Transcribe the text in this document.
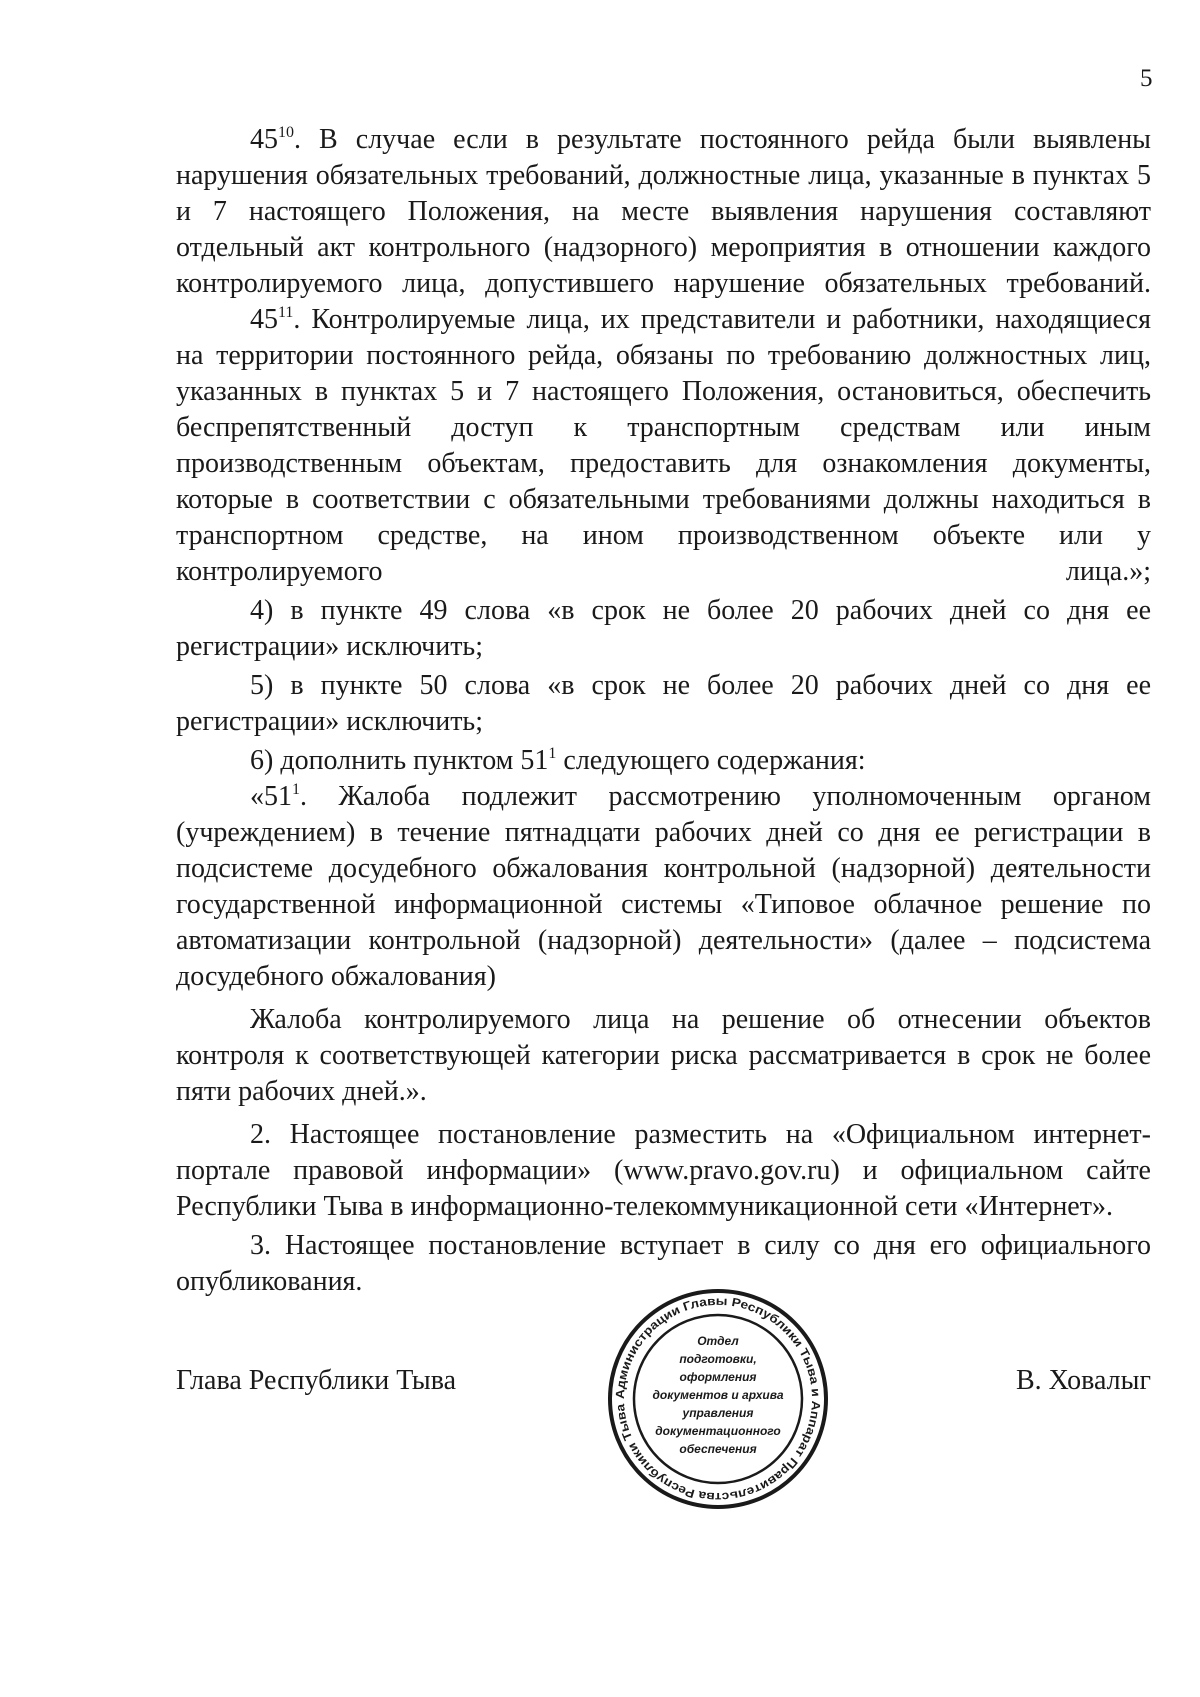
5

$45^{10}$. В случае если в результате постоянного рейда были выявлены нарушения обязательных требований, должностные лица, указанные в пунктах 5 и 7 настоящего Положения, на месте выявления нарушения составляют отдельный акт контрольного (надзорного) мероприятия в отношении каждого контролируемого лица, допустившего нарушение обязательных требований.

$45^{11}$. Контролируемые лица, их представители и работники, находящиеся на территории постоянного рейда, обязаны по требованию должностных лиц, указанных в пунктах 5 и 7 настоящего Положения, остановиться, обеспечить беспрепятственный доступ к транспортным средствам или иным производственным объектам, предоставить для ознакомления документы, которые в соответствии с обязательными требованиями должны находиться в транспортном средстве, на ином производственном объекте или у контролируемого лица.»;

4) в пункте 49 слова «в срок не более 20 рабочих дней со дня ее регистрации» исключить;

5) в пункте 50 слова «в срок не более 20 рабочих дней со дня ее регистрации» исключить;

6) дополнить пунктом $51^1$ следующего содержания:

«$51^1$. Жалоба подлежит рассмотрению уполномоченным органом (учреждением) в течение пятнадцати рабочих дней со дня ее регистрации в подсистеме досудебного обжалования контрольной (надзорной) деятельности государственной информационной системы «Типовое облачное решение по автоматизации контрольной (надзорной) деятельности» (далее – подсистема досудебного обжалования)

Жалоба контролируемого лица на решение об отнесении объектов контроля к соответствующей категории риска рассматривается в срок не более пяти рабочих дней.».

2. Настоящее постановление разместить на «Официальном интернет-портале правовой информации» (www.pravo.gov.ru) и официальном сайте Республики Тыва в информационно-телекоммуникационной сети «Интернет».

3. Настоящее постановление вступает в силу со дня его официального опубликования.

Глава Республики Тыва	В. Ховалыг
Администрации Главы Республики Тыва и Аппарат Правительства Республики Тыва
Отдел
подготовки,
оформления
документов и архива
управления
документационного
обеспечения
